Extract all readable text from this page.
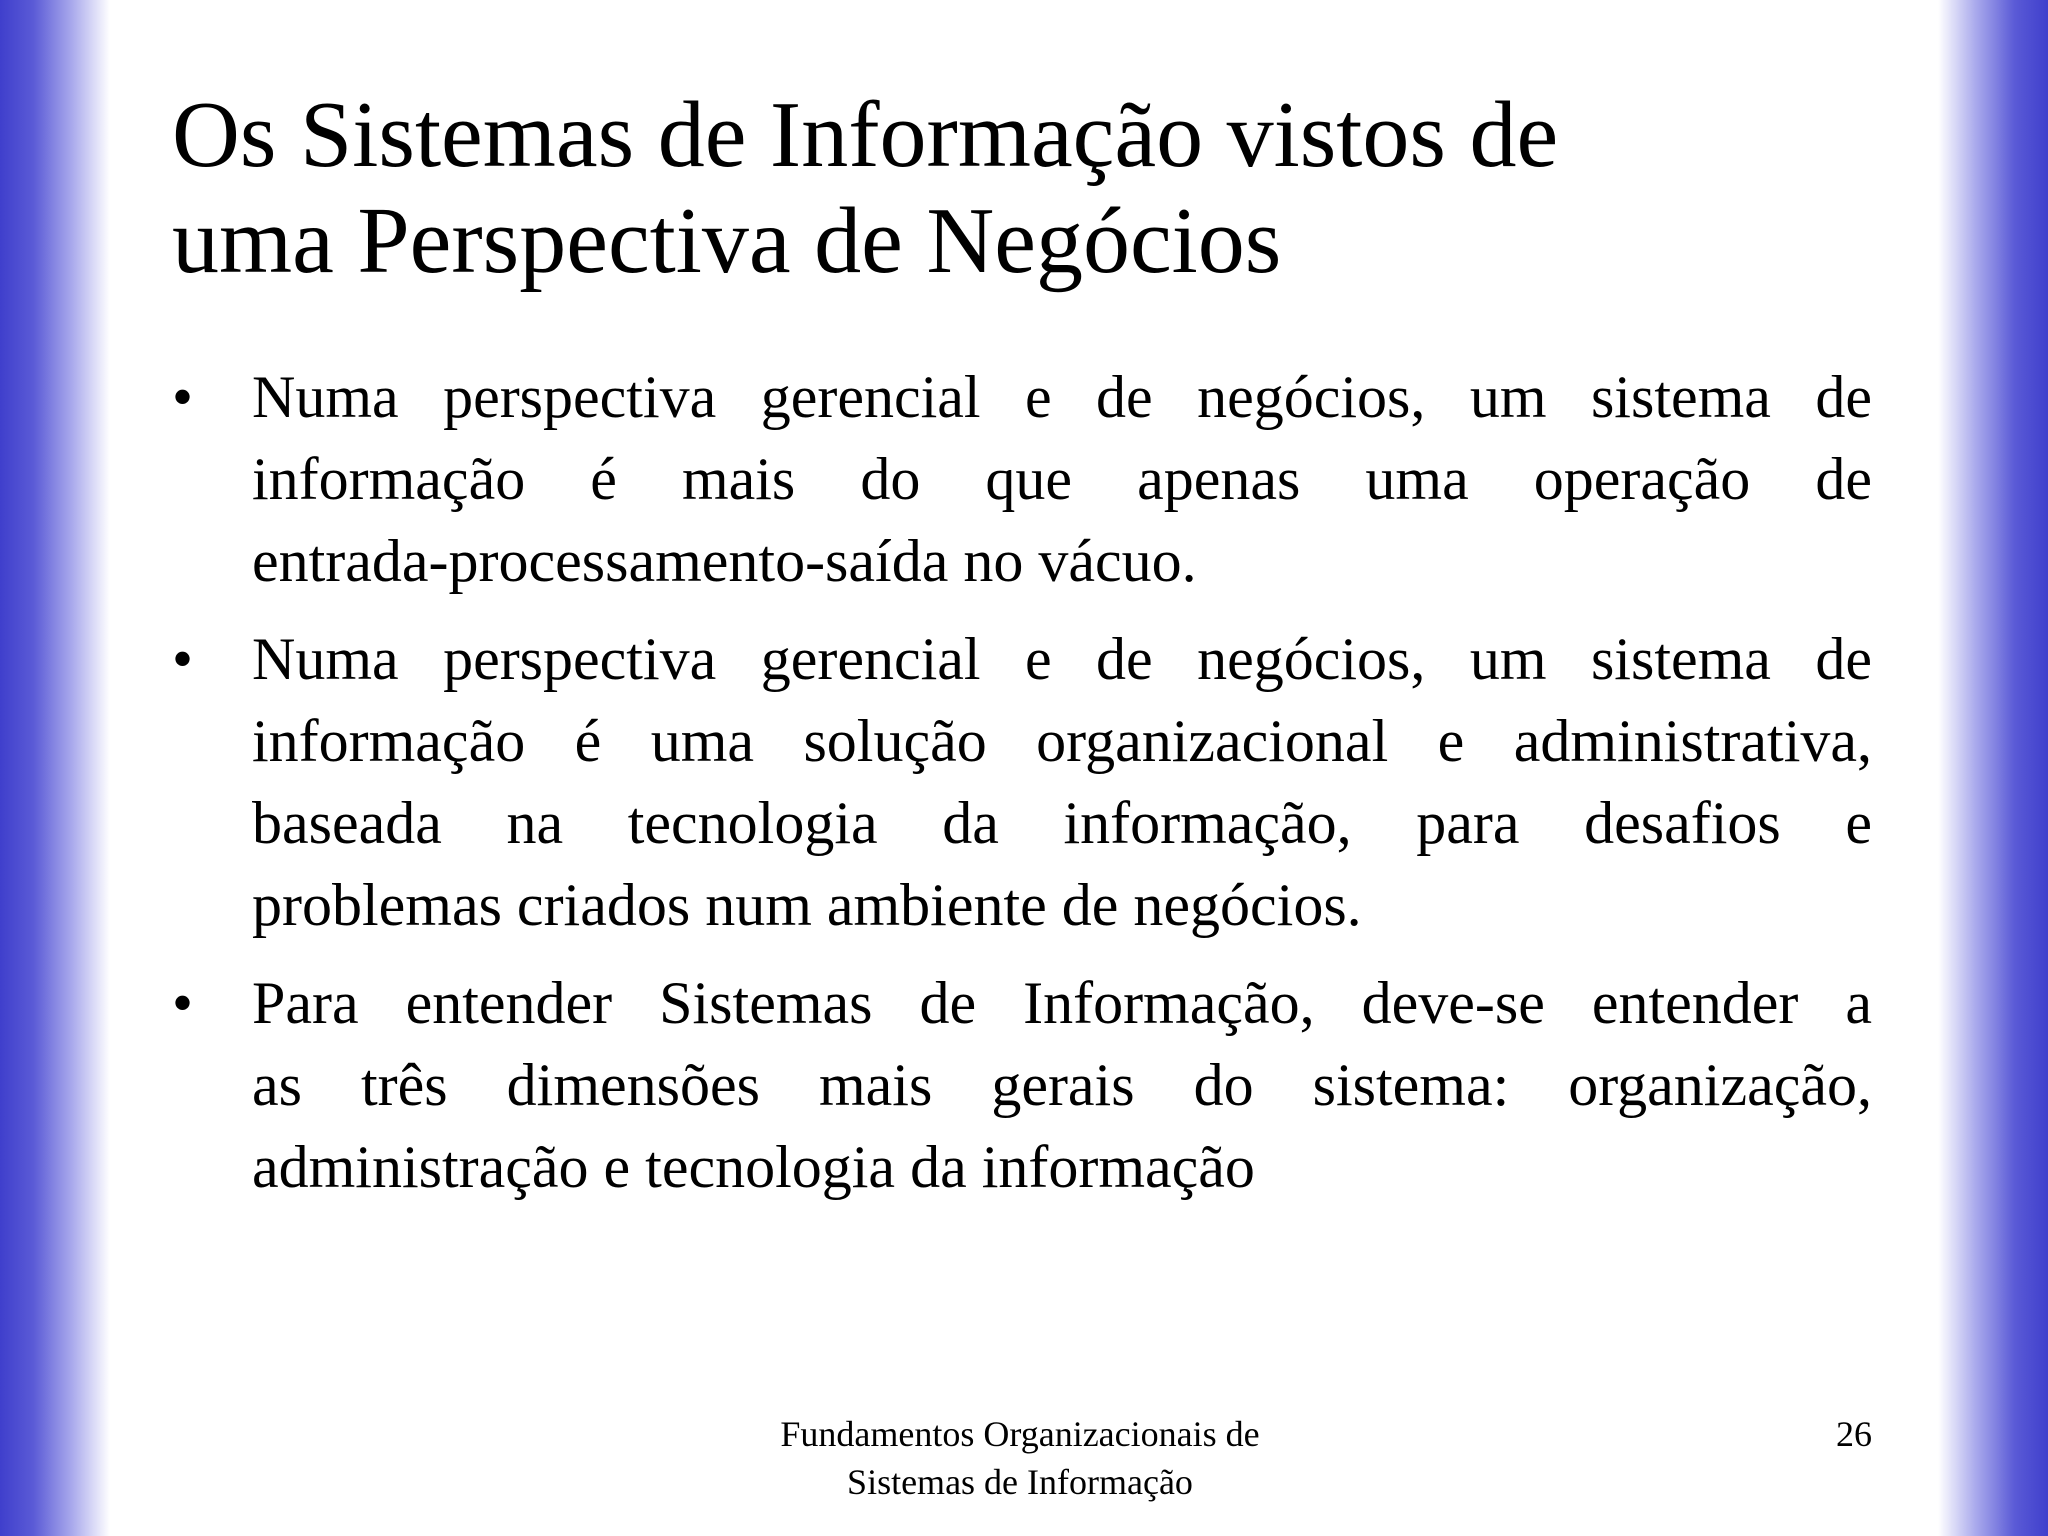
Os Sistemas de Informação vistos de
uma Perspectiva de Negócios
• Numa perspectiva gerencial e de negócios, um sistema de
informação é mais do que apenas uma operação de
entrada-processamento-saída no vácuo.
• Numa perspectiva gerencial e de negócios, um sistema de
informação é uma solução organizacional e administrativa,
baseada na tecnologia da informação, para desafios e
problemas criados num ambiente de negócios.
• Para entender Sistemas de Informação, deve-se entender a
as três dimensões mais gerais do sistema: organização,
administração e tecnologia da informação
Fundamentos Organizacionais de
Sistemas de Informação
26
